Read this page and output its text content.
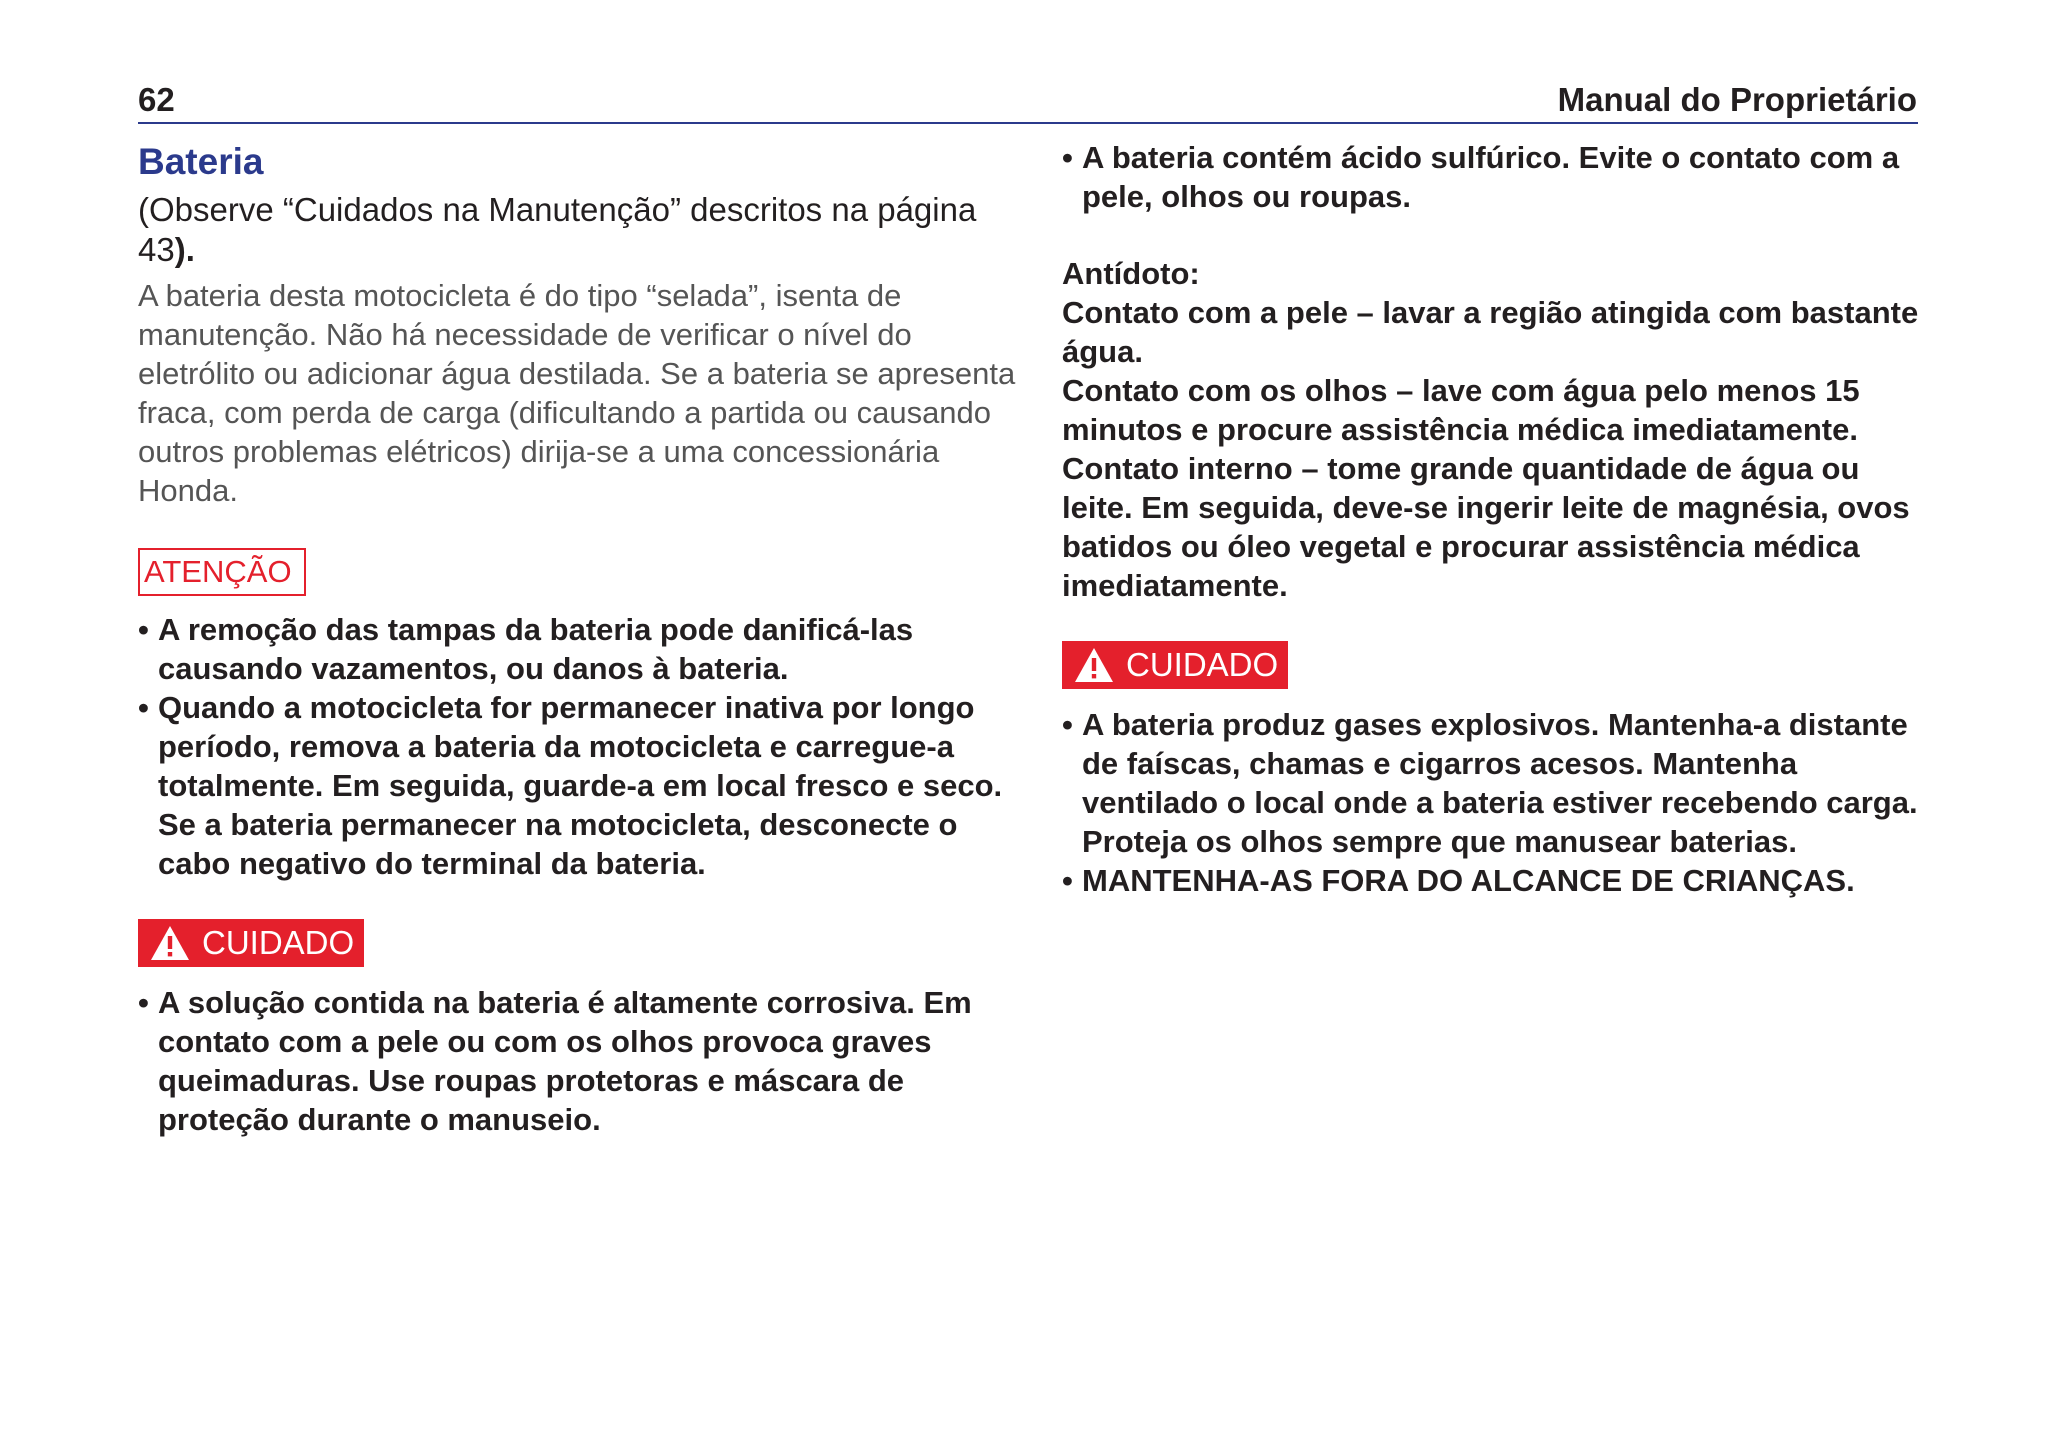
62	Manual do Proprietário
Bateria

(Observe “Cuidados na Manutenção” descritos na página 43).

A bateria desta motocicleta é do tipo “selada”, isenta de manutenção. Não há necessidade de verificar o nível do eletrólito ou adicionar água destilada. Se a bateria se apresenta fraca, com perda de carga (dificultando a partida ou causando outros problemas elétricos) dirija-se a uma concessionária Honda.

ATENÇÃO
• A remoção das tampas da bateria pode danificá-las causando vazamentos, ou danos à bateria.
• Quando a motocicleta for permanecer inativa por longo período, remova a bateria da motocicleta e carregue-a totalmente. Em seguida, guarde-a em local fresco e seco. Se a bateria permanecer na motocicleta, desconecte o cabo negativo do terminal da bateria.
CUIDADO
• A solução contida na bateria é altamente corrosiva. Em contato com a pele ou com os olhos provoca graves queimaduras. Use roupas protetoras e máscara de proteção durante o manuseio.
• A bateria contém ácido sulfúrico. Evite o contato com a pele, olhos ou roupas.

Antídoto:

Contato com a pele – lavar a região atingida com bastante água.

Contato com os olhos – lave com água pelo menos 15 minutos e procure assistência médica imediatamente.

Contato interno – tome grande quantidade de água ou leite. Em seguida, deve-se ingerir leite de magnésia, ovos batidos ou óleo vegetal e procurar assistência médica imediatamente.

CUIDADO
• A bateria produz gases explosivos. Mantenha-a distante de faíscas, chamas e cigarros acesos. Mantenha ventilado o local onde a bateria estiver recebendo carga. Proteja os olhos sempre que manusear baterias.
• MANTENHA-AS FORA DO ALCANCE DE CRIANÇAS.
